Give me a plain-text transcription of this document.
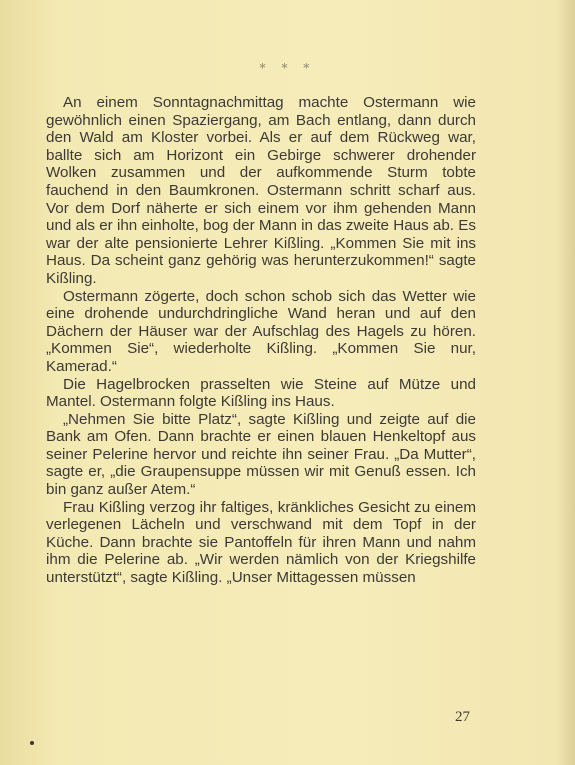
* * *

An einem Sonntagnachmittag machte Ostermann wie gewöhnlich einen Spaziergang, am Bach entlang, dann durch den Wald am Kloster vorbei. Als er auf dem Rückweg war, ballte sich am Horizont ein Gebirge schwerer drohender Wolken zusammen und der aufkommende Sturm tobte fauchend in den Baumkronen. Ostermann schritt scharf aus. Vor dem Dorf näherte er sich einem vor ihm gehenden Mann und als er ihn einholte, bog der Mann in das zweite Haus ab. Es war der alte pensionierte Lehrer Kißling. „Kommen Sie mit ins Haus. Da scheint ganz gehörig was herunterzukommen!“ sagte Kißling.

Ostermann zögerte, doch schon schob sich das Wetter wie eine drohende undurchdringliche Wand heran und auf den Dächern der Häuser war der Aufschlag des Hagels zu hören. „Kommen Sie“, wiederholte Kißling. „Kommen Sie nur, Kamerad.“

Die Hagelbrocken prasselten wie Steine auf Mütze und Mantel. Ostermann folgte Kißling ins Haus.

„Nehmen Sie bitte Platz“, sagte Kißling und zeigte auf die Bank am Ofen. Dann brachte er einen blauen Henkeltopf aus seiner Pelerine hervor und reichte ihn seiner Frau. „Da Mutter“, sagte er, „die Graupensuppe müssen wir mit Genuß essen. Ich bin ganz außer Atem.“

Frau Kißling verzog ihr faltiges, kränkliches Gesicht zu einem verlegenen Lächeln und verschwand mit dem Topf in der Küche. Dann brachte sie Pantoffeln für ihren Mann und nahm ihm die Pelerine ab. „Wir werden nämlich von der Kriegshilfe unterstützt“, sagte Kißling. „Unser Mittagessen müssen

27
